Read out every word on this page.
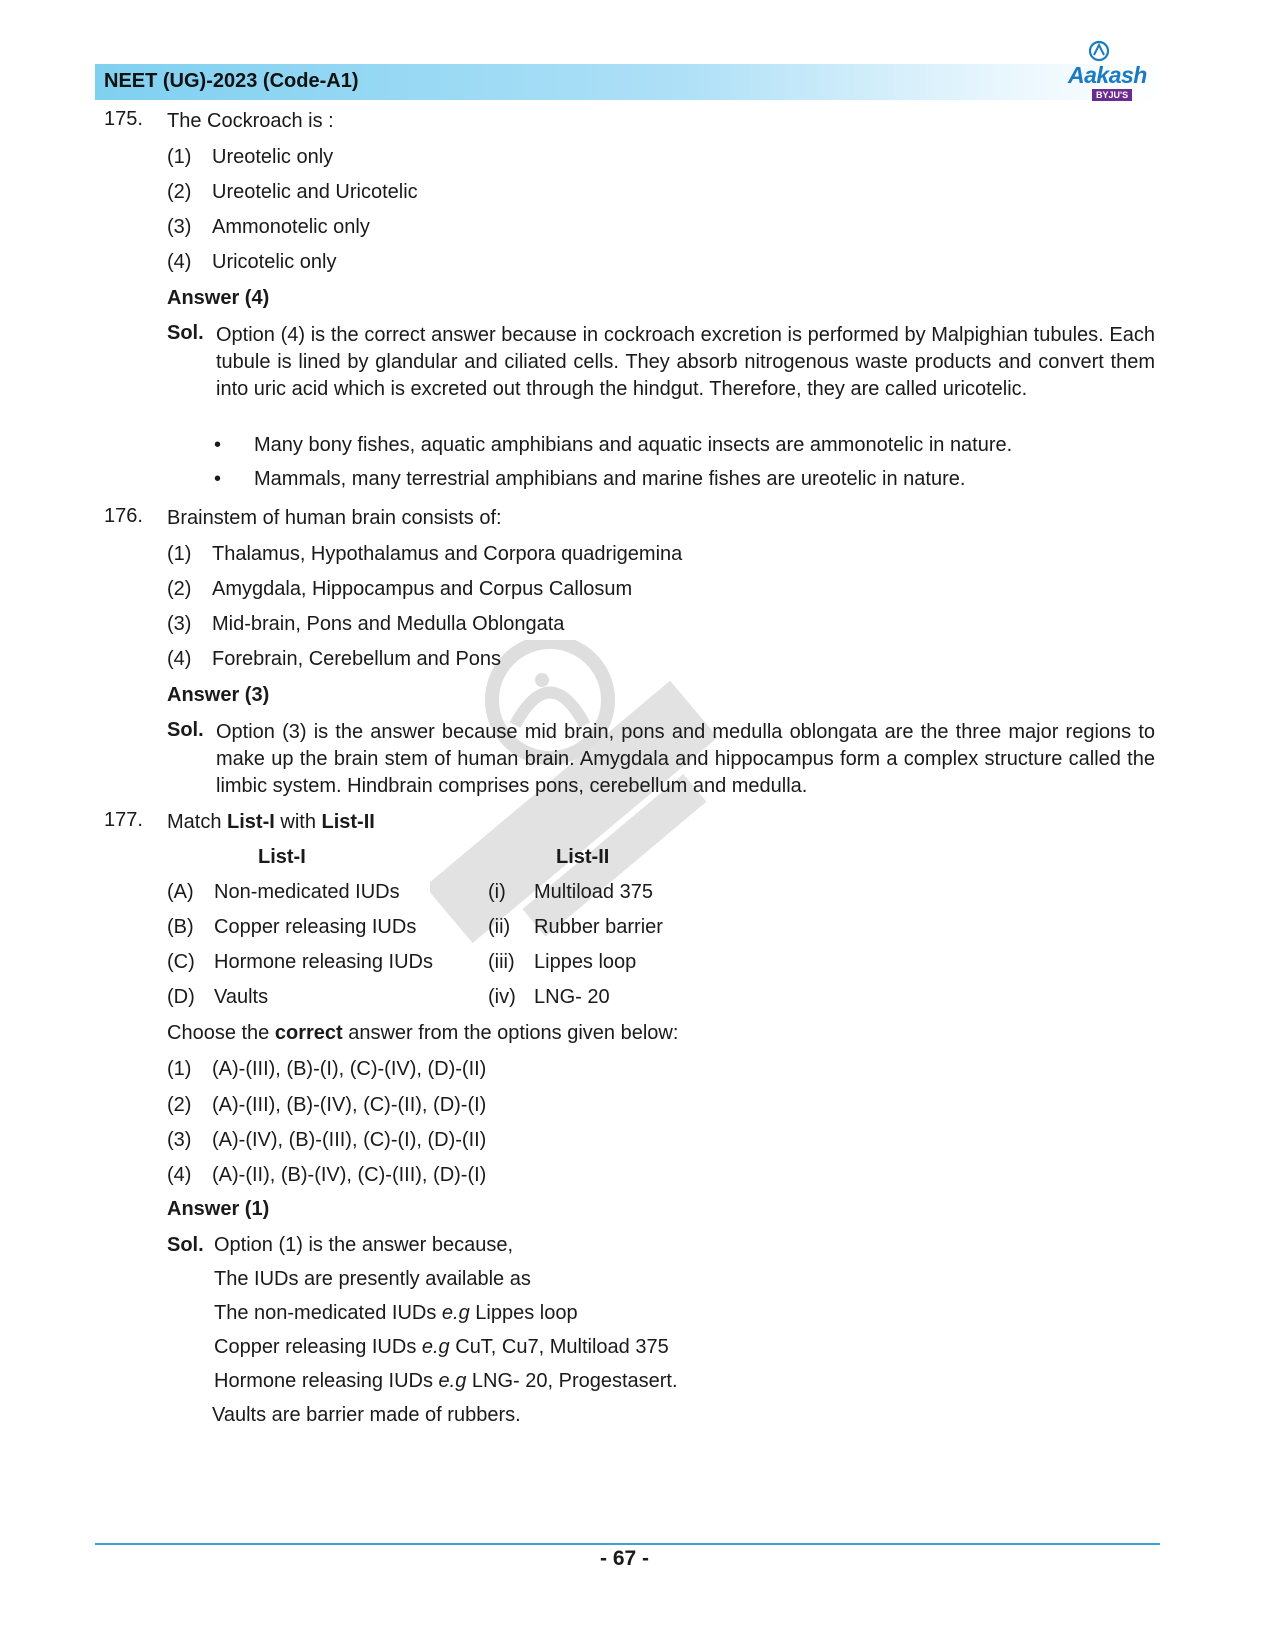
NEET (UG)-2023 (Code-A1)	Aakash
BYJU'S
175. The Cockroach is :
(1) Ureotelic only
(2) Ureotelic and Uricotelic
(3) Ammonotelic only
(4) Uricotelic only
Answer (4)
Sol. Option (4) is the correct answer because in cockroach excretion is performed by Malpighian tubules. Each tubule is lined by glandular and ciliated cells. They absorb nitrogenous waste products and convert them into uric acid which is excreted out through the hindgut. Therefore, they are called uricotelic.
• Many bony fishes, aquatic amphibians and aquatic insects are ammonotelic in nature.
• Mammals, many terrestrial amphibians and marine fishes are ureotelic in nature.
176. Brainstem of human brain consists of:
(1) Thalamus, Hypothalamus and Corpora quadrigemina
(2) Amygdala, Hippocampus and Corpus Callosum
(3) Mid-brain, Pons and Medulla Oblongata
(4) Forebrain, Cerebellum and Pons
Answer (3)
Sol. Option (3) is the answer because mid brain, pons and medulla oblongata are the three major regions to make up the brain stem of human brain. Amygdala and hippocampus form a complex structure called the limbic system. Hindbrain comprises pons, cerebellum and medulla.
177. Match List-I with List-II
List-I	List-II
(A) Non-medicated IUDs	(i) Multiload 375
(B) Copper releasing IUDs	(ii) Rubber barrier
(C) Hormone releasing IUDs	(iii) Lippes loop
(D) Vaults	(iv) LNG- 20
Choose the correct answer from the options given below:
(1) (A)-(III), (B)-(I), (C)-(IV), (D)-(II)
(2) (A)-(III), (B)-(IV), (C)-(II), (D)-(I)
(3) (A)-(IV), (B)-(III), (C)-(I), (D)-(II)
(4) (A)-(II), (B)-(IV), (C)-(III), (D)-(I)
Answer (1)
Sol. Option (1) is the answer because,
The IUDs are presently available as
The non-medicated IUDs e.g Lippes loop
Copper releasing IUDs e.g CuT, Cu7, Multiload 375
Hormone releasing IUDs e.g LNG- 20, Progestasert.
Vaults are barrier made of rubbers.
- 67 -
